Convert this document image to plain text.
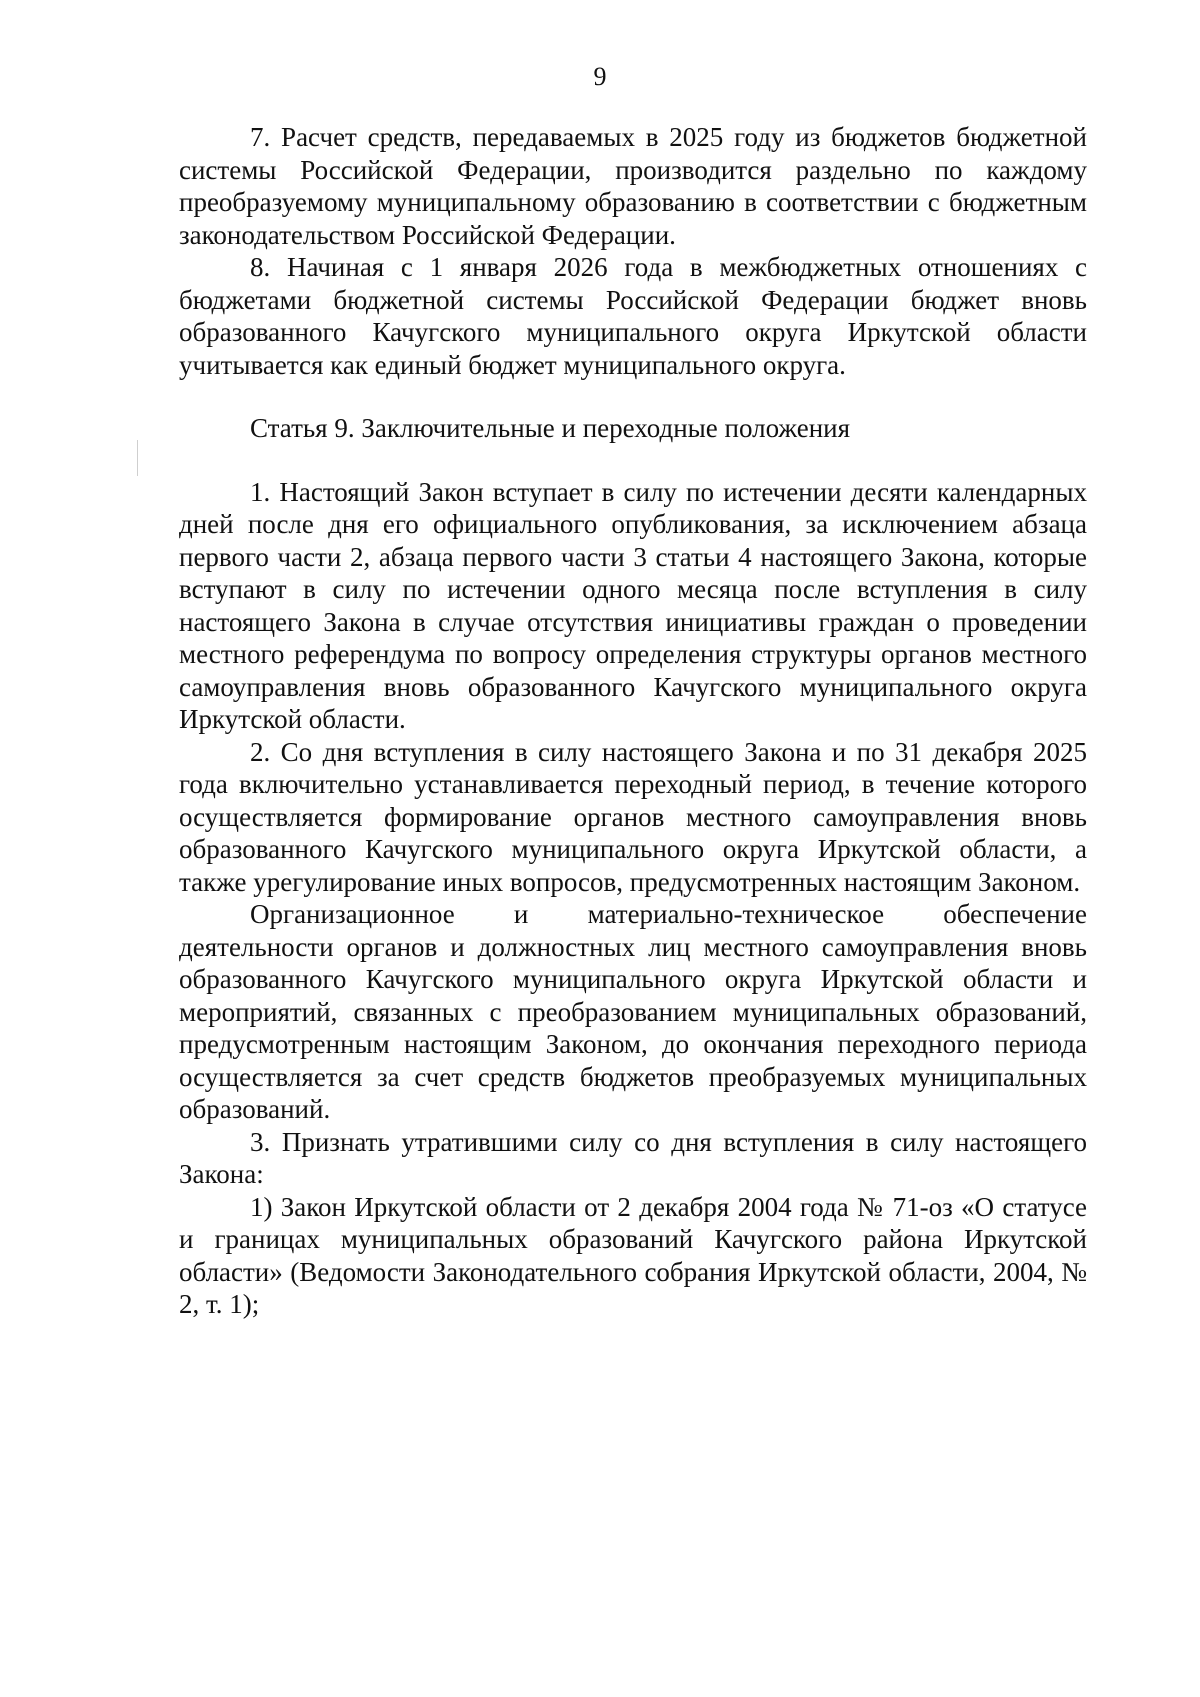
9

7. Расчет средств, передаваемых в 2025 году из бюджетов бюджетной системы Российской Федерации, производится раздельно по каждому преобразуемому муниципальному образованию в соответствии с бюджетным законодательством Российской Федерации.

8. Начиная с 1 января 2026 года в межбюджетных отношениях с бюджетами бюджетной системы Российской Федерации бюджет вновь образованного Качугского муниципального округа Иркутской области учитывается как единый бюджет муниципального округа.

Статья 9. Заключительные и переходные положения

1. Настоящий Закон вступает в силу по истечении десяти календарных дней после дня его официального опубликования, за исключением абзаца первого части 2, абзаца первого части 3 статьи 4 настоящего Закона, которые вступают в силу по истечении одного месяца после вступления в силу настоящего Закона в случае отсутствия инициативы граждан о проведении местного референдума по вопросу определения структуры органов местного самоуправления вновь образованного Качугского муниципального округа Иркутской области.

2. Со дня вступления в силу настоящего Закона и по 31 декабря 2025 года включительно устанавливается переходный период, в течение которого осуществляется формирование органов местного самоуправления вновь образованного Качугского муниципального округа Иркутской области, а также урегулирование иных вопросов, предусмотренных настоящим Законом.

Организационное и материально-техническое обеспечение деятельности органов и должностных лиц местного самоуправления вновь образованного Качугского муниципального округа Иркутской области и мероприятий, связанных с преобразованием муниципальных образований, предусмотренным настоящим Законом, до окончания переходного периода осуществляется за счет средств бюджетов преобразуемых муниципальных образований.

3. Признать утратившими силу со дня вступления в силу настоящего Закона:

1) Закон Иркутской области от 2 декабря 2004 года № 71-оз «О статусе и границах муниципальных образований Качугского района Иркутской области» (Ведомости Законодательного собрания Иркутской области, 2004, № 2, т. 1);
